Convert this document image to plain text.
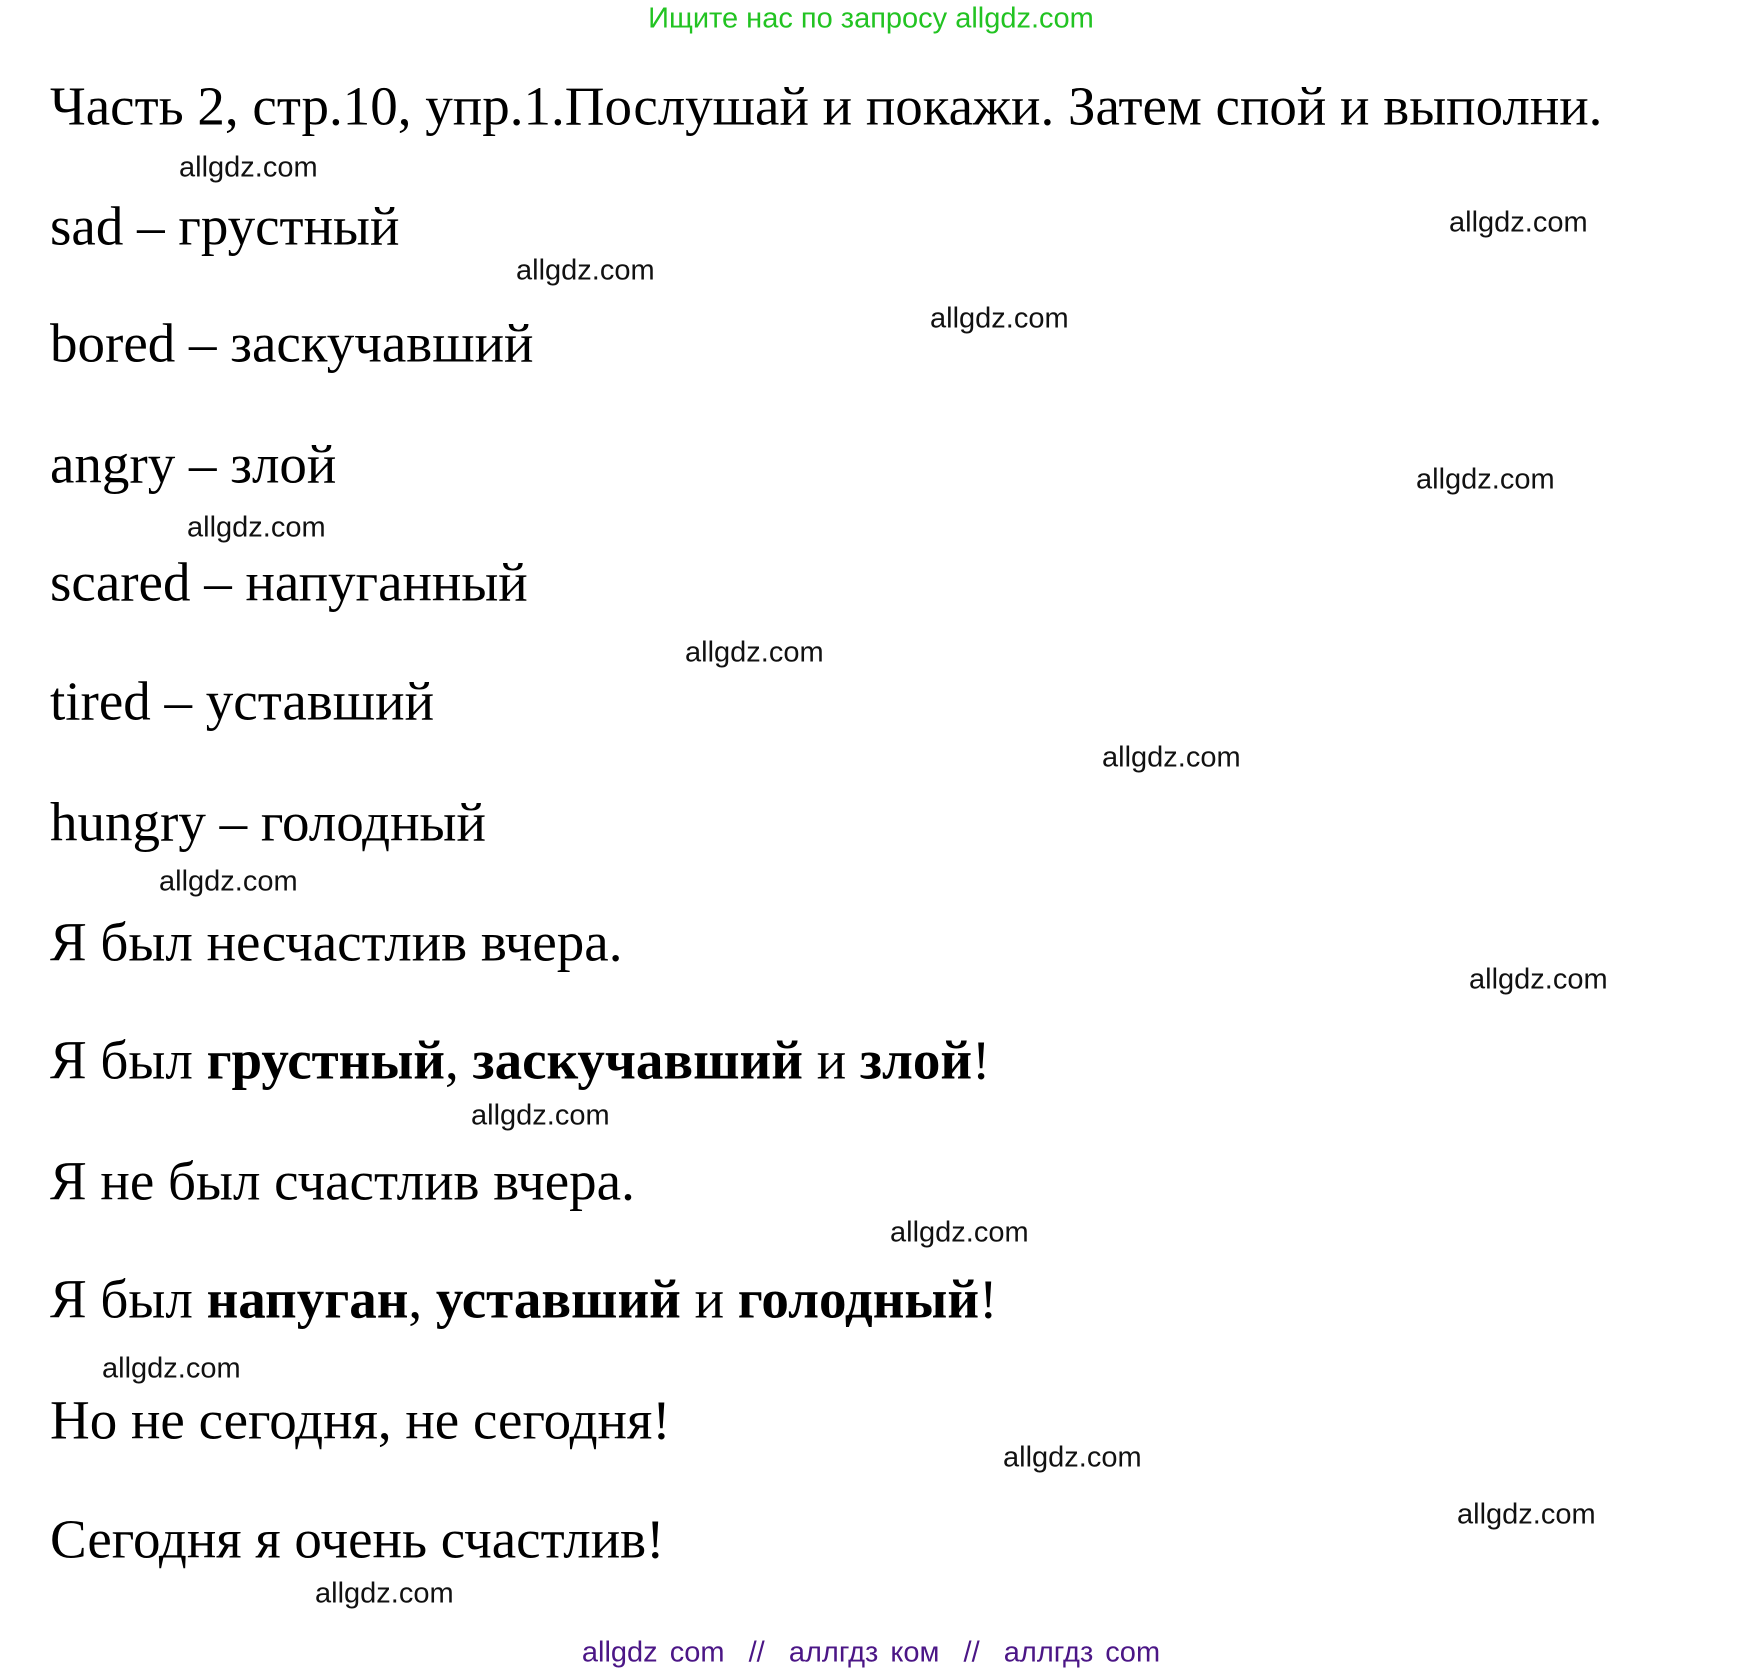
Ищите нас по запросу allgdz.com
Часть 2, стр.10, упр.1.Послушай и покажи. Затем спой и выполни.
sad – грустный
bored – заскучавший
angry – злой
scared – напуганный
tired – уставший
hungry – голодный
Я был несчастлив вчера.
Я был грустный, заскучавший и злой!
Я не был счастлив вчера.
Я был напуган, уставший и голодный!
Но не сегодня, не сегодня!
Сегодня я очень счастлив!
allgdz.com
allgdz.com
allgdz.com
allgdz.com
allgdz.com
allgdz.com
allgdz.com
allgdz.com
allgdz.com
allgdz.com
allgdz.com
allgdz.com
allgdz.com
allgdz.com
allgdz.com
allgdz.com
allgdz com  //  аллгдз ком  //  аллгдз com
